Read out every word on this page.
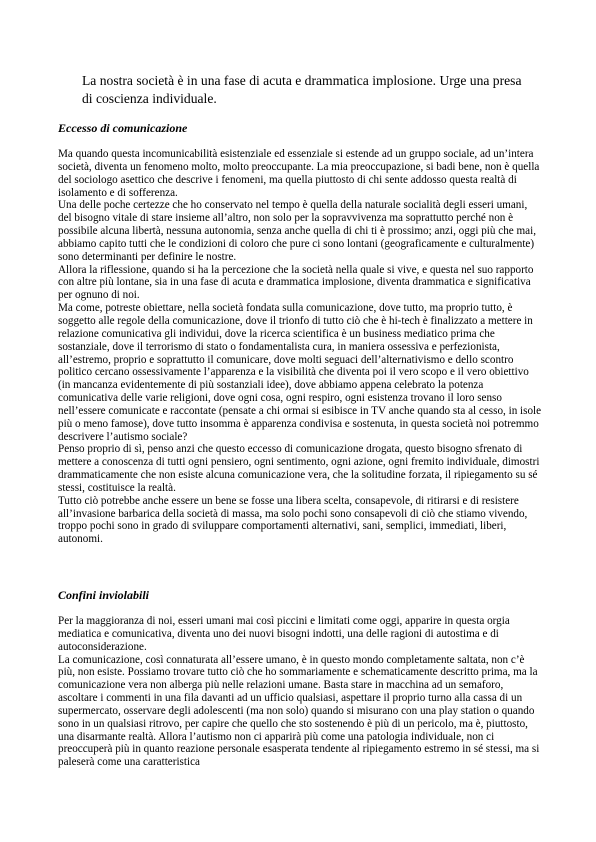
La nostra società è in una fase di acuta e drammatica implosione. Urge una presa di coscienza individuale.

Eccesso di comunicazione

Ma quando questa incomunicabilità esistenziale ed essenziale si estende ad un gruppo sociale, ad un’intera società, diventa un fenomeno molto, molto preoccupante. La mia preoccupazione, si badi bene, non è quella del sociologo asettico che descrive i fenomeni, ma quella piuttosto di chi sente addosso questa realtà di isolamento e di sofferenza.

Una delle poche certezze che ho conservato nel tempo è quella della naturale socialità degli esseri umani, del bisogno vitale di stare insieme all’altro, non solo per la sopravvivenza ma soprattutto perché non è possibile alcuna libertà, nessuna autonomia, senza anche quella di chi ti è prossimo; anzi, oggi più che mai, abbiamo capito tutti che le condizioni di coloro che pure ci sono lontani (geograficamente e culturalmente) sono determinanti per definire le nostre.

Allora la riflessione, quando si ha la percezione che la società nella quale si vive, e questa nel suo rapporto con altre più lontane, sia in una fase di acuta e drammatica implosione, diventa drammatica e significativa per ognuno di noi.

Ma come, potreste obiettare, nella società fondata sulla comunicazione, dove tutto, ma proprio tutto, è soggetto alle regole della comunicazione, dove il trionfo di tutto ciò che è hi-tech è finalizzato a mettere in relazione comunicativa gli individui, dove la ricerca scientifica è un business mediatico prima che sostanziale, dove il terrorismo di stato o fondamentalista cura, in maniera ossessiva e perfezionista, all’estremo, proprio e soprattutto il comunicare, dove molti seguaci dell’alternativismo e dello scontro politico cercano ossessivamente l’apparenza e la visibilità che diventa poi il vero scopo e il vero obiettivo (in mancanza evidentemente di più sostanziali idee), dove abbiamo appena celebrato la potenza comunicativa delle varie religioni, dove ogni cosa, ogni respiro, ogni esistenza trovano il loro senso nell’essere comunicate e raccontate (pensate a chi ormai si esibisce in TV anche quando sta al cesso, in isole più o meno famose), dove tutto insomma è apparenza condivisa e sostenuta, in questa società noi potremmo descrivere l’autismo sociale?

Penso proprio di sì, penso anzi che questo eccesso di comunicazione drogata, questo bisogno sfrenato di mettere a conoscenza di tutti ogni pensiero, ogni sentimento, ogni azione, ogni fremito individuale, dimostri drammaticamente che non esiste alcuna comunicazione vera, che la solitudine forzata, il ripiegamento su sé stessi, costituisce la realtà.

Tutto ciò potrebbe anche essere un bene se fosse una libera scelta, consapevole, di ritirarsi e di resistere all’invasione barbarica della società di massa, ma solo pochi sono consapevoli di ciò che stiamo vivendo, troppo pochi sono in grado di sviluppare comportamenti alternativi, sani, semplici, immediati, liberi, autonomi.

Confini inviolabili

Per la maggioranza di noi, esseri umani mai così piccini e limitati come oggi, apparire in questa orgia mediatica e comunicativa, diventa uno dei nuovi bisogni indotti, una delle ragioni di autostima e di autoconsiderazione.

La comunicazione, così connaturata all’essere umano, è in questo mondo completamente saltata, non c’è più, non esiste. Possiamo trovare tutto ciò che ho sommariamente e schematicamente descritto prima, ma la comunicazione vera non alberga più nelle relazioni umane. Basta stare in macchina ad un semaforo, ascoltare i commenti in una fila davanti ad un ufficio qualsiasi, aspettare il proprio turno alla cassa di un supermercato, osservare degli adolescenti (ma non solo) quando si misurano con una play station o quando sono in un qualsiasi ritrovo, per capire che quello che sto sostenendo è più di un pericolo, ma è, piuttosto, una disarmante realtà. Allora l’autismo non ci apparirà più come una patologia individuale, non ci preoccuperà più in quanto reazione personale esasperata tendente al ripiegamento estremo in sé stessi, ma si paleserà come una caratteristica
